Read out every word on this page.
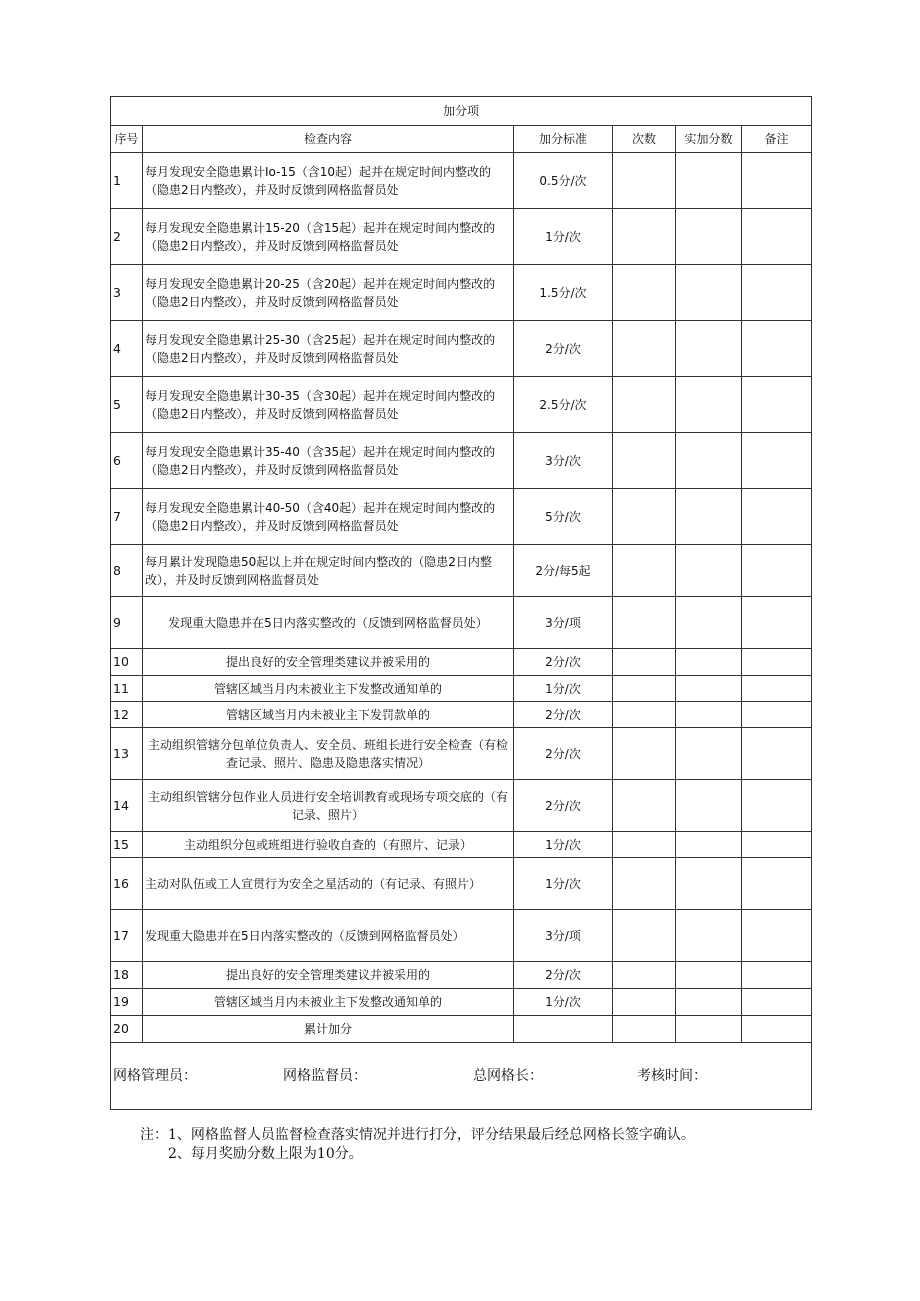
加分项					
序号	检查内容	加分标准	次数	实加分数	备注
1	每月发现安全隐患累计Io-15（含10起）起并在规定时间内整改的（隐患2日内整改），并及时反馈到网格监督员处	0.5分/次			
2	每月发现安全隐患累计15-20（含15起）起并在规定时间内整改的（隐患2日内整改），并及时反馈到网格监督员处	1分/次			
3	每月发现安全隐患累计20-25（含20起）起并在规定时间内整改的（隐患2日内整改），并及时反馈到网格监督员处	1.5分/次			
4	每月发现安全隐患累计25-30（含25起）起并在规定时间内整改的（隐患2日内整改），并及时反馈到网格监督员处	2分/次			
5	每月发现安全隐患累计30-35（含30起）起并在规定时间内整改的（隐患2日内整改），并及时反馈到网格监督员处	2.5分/次			
6	每月发现安全隐患累计35-40（含35起）起并在规定时间内整改的（隐患2日内整改），并及时反馈到网格监督员处	3分/次			
7	每月发现安全隐患累计40-50（含40起）起并在规定时间内整改的（隐患2日内整改），并及时反馈到网格监督员处	5分/次			
8	每月累计发现隐患50起以上并在规定时间内整改的（隐患2日内整改），并及时反馈到网格监督员处	2分/每5起			
9	发现重大隐患并在5日内落实整改的（反馈到网格监督员处）	3分/项			
10	提出良好的安全管理类建议并被采用的	2分/次			
11	管辖区域当月内未被业主下发整改通知单的	1分/次			
12	管辖区域当月内未被业主下发罚款单的	2分/次			
13	主动组织管辖分包单位负责人、安全员、班组长进行安全检查（有检查记录、照片、隐患及隐患落实情况）	2分/次			
14	主动组织管辖分包作业人员进行安全培训教育或现场专项交底的（有记录、照片）	2分/次			
15	主动组织分包或班组进行验收自查的（有照片、记录）	1分/次			
16	主动对队伍或工人宣贯行为安全之星活动的（有记录、有照片）	1分/次			
17	发现重大隐患并在5日内落实整改的（反馈到网格监督员处）	3分/项			
18	提出良好的安全管理类建议并被采用的	2分/次			
19	管辖区域当月内未被业主下发整改通知单的	1分/次			
20	累计加分				
网格管理员： 网格监督员： 总网格长： 考核时间：					
注：1、网格监督人员监督检查落实情况并进行打分，评分结果最后经总网格长签字确认。
2、每月奖励分数上限为10分。
